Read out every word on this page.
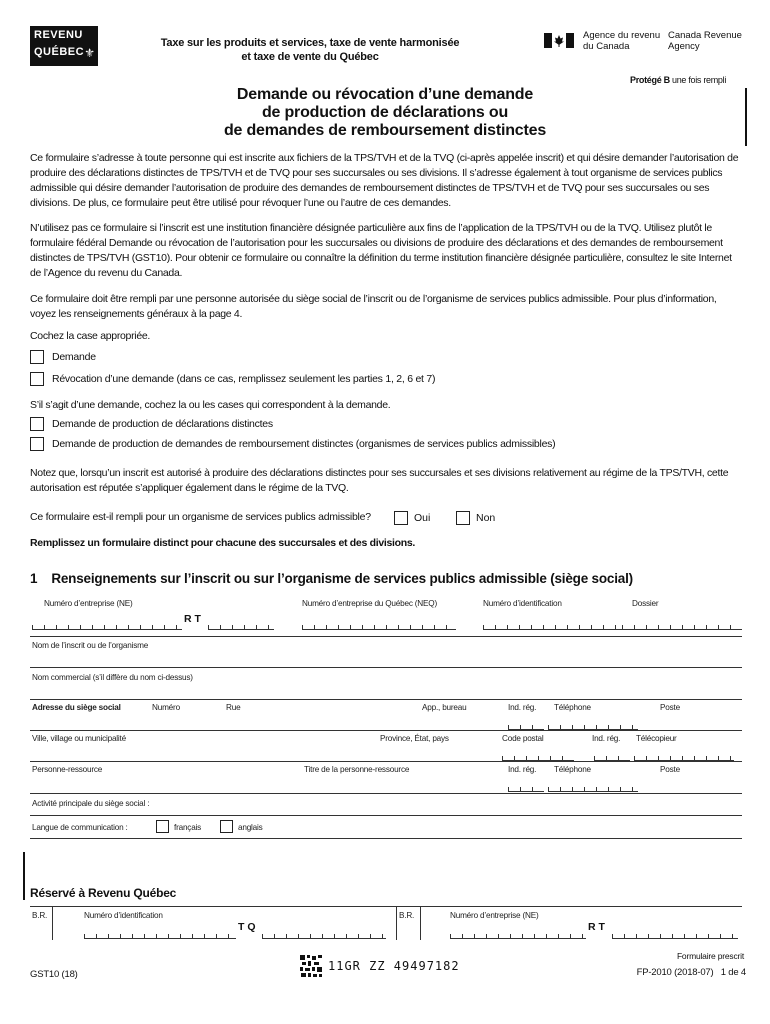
REVENU
QUÉBEC ⚜
Taxe sur les produits et services, taxe de vente harmonisée
et taxe de vente du Québec
Agence du revenu
du Canada
Canada Revenue
Agency
Protégé B une fois rempli
Demande ou révocation d’une demande
de production de déclarations ou
de demandes de remboursement distinctes
Ce formulaire s’adresse à toute personne qui est inscrite aux fichiers de la TPS/TVH et de la TVQ (ci-après appelée inscrit) et qui désire demander l’autorisation de produire des déclarations distinctes de TPS/TVH et de TVQ pour ses succursales ou ses divisions. Il s’adresse également à tout organisme de services publics admissible qui désire demander l’autorisation de produire des demandes de remboursement distinctes de TPS/TVH et de TVQ pour ses succursales ou ses divisions. De plus, ce formulaire peut être utilisé pour révoquer l’une ou l’autre de ces demandes.
N’utilisez pas ce formulaire si l’inscrit est une institution financière désignée particulière aux fins de l’application de la TPS/TVH ou de la TVQ. Utilisez plutôt le formulaire fédéral Demande ou révocation de l’autorisation pour les succursales ou divisions de produire des déclarations et des demandes de remboursement distinctes de TPS/TVH (GST10). Pour obtenir ce formulaire ou connaître la définition du terme institution financière désignée particulière, consultez le site Internet de l’Agence du revenu du Canada.
Ce formulaire doit être rempli par une personne autorisée du siège social de l’inscrit ou de l’organisme de services publics admissible. Pour plus d’information, voyez les renseignements généraux à la page 4.
Cochez la case appropriée.
Demande
Révocation d’une demande (dans ce cas, remplissez seulement les parties 1, 2, 6 et 7)
S’il s’agit d’une demande, cochez la ou les cases qui correspondent à la demande.
Demande de production de déclarations distinctes
Demande de production de demandes de remboursement distinctes (organismes de services publics admissibles)
Notez que, lorsqu’un inscrit est autorisé à produire des déclarations distinctes pour ses succursales et ses divisions relativement au régime de la TPS/TVH, cette autorisation est réputée s’appliquer également dans le régime de la TVQ.
Ce formulaire est-il rempli pour un organisme de services publics admissible?	Oui	Non
Remplissez un formulaire distinct pour chacune des succursales et des divisions.
1 Renseignements sur l’inscrit ou sur l’organisme de services publics admissible (siège social)
Numéro d’entreprise (NE)
R T
Numéro d’entreprise du Québec (NEQ)	Numéro d’identification	Dossier
Nom de l’inscrit ou de l’organisme
Nom commercial (s’il diffère du nom ci-dessus)
Adresse du siège social	Numéro	Rue	App., bureau	Ind. rég. Téléphone	Poste
Ville, village ou municipalité	Province, État, pays	Code postal	Ind. rég. Télécopieur
Personne-ressource	Titre de la personne-ressource	Ind. rég. Téléphone	Poste
Activité principale du siège social :
Langue de communication :	français	anglais
Réservé à Revenu Québec
B.R.	Numéro d’identification
T Q
B.R.	Numéro d’entreprise (NE)
R T
GST10 (18)
11GR ZZ 49497182
Formulaire prescrit
FP-2010 (2018-07)   1 de 4
